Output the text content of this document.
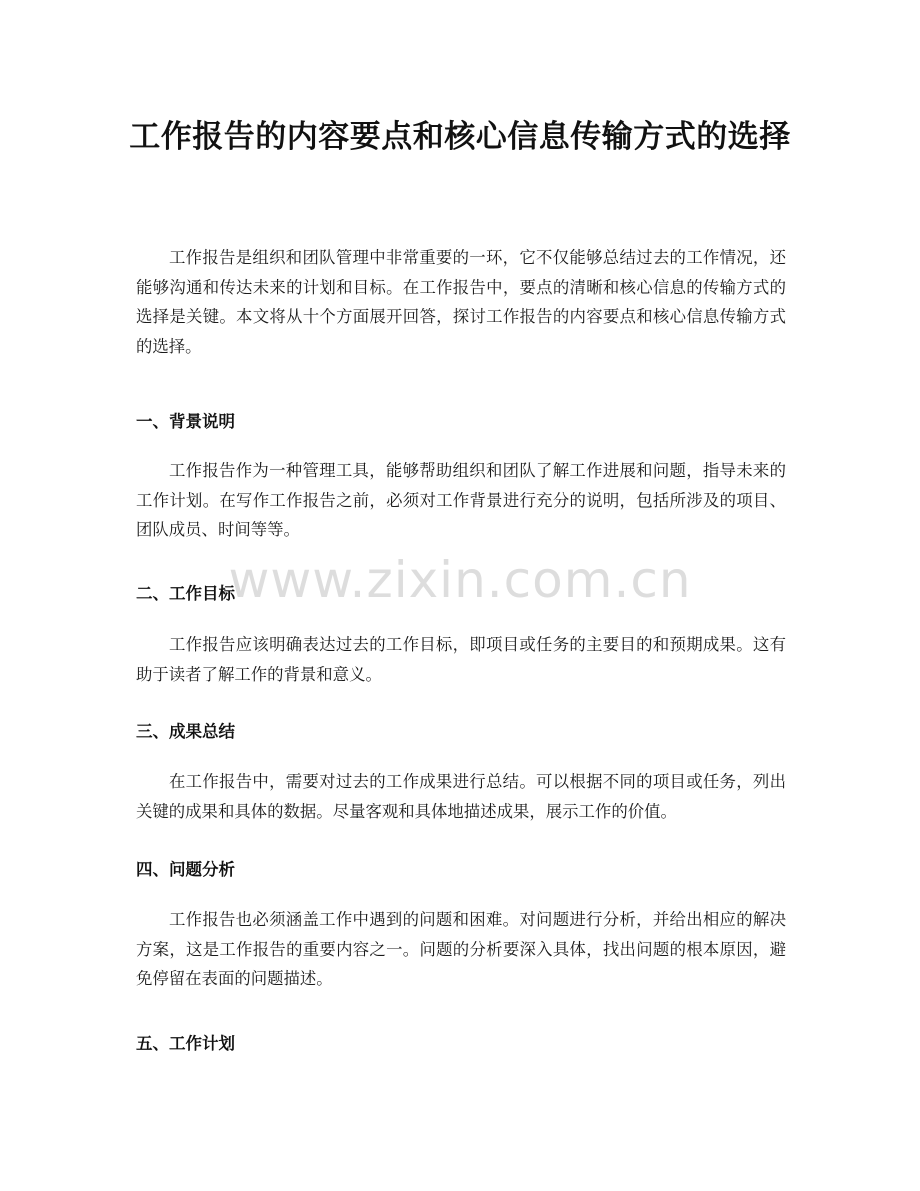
工作报告的内容要点和核心信息传输方式的选择

工作报告是组织和团队管理中非常重要的一环，它不仅能够总结过去的工作情况，还能够沟通和传达未来的计划和目标。在工作报告中，要点的清晰和核心信息的传输方式的选择是关键。本文将从十个方面展开回答，探讨工作报告的内容要点和核心信息传输方式的选择。

一、背景说明

工作报告作为一种管理工具，能够帮助组织和团队了解工作进展和问题，指导未来的工作计划。在写作工作报告之前，必须对工作背景进行充分的说明，包括所涉及的项目、团队成员、时间等等。

二、工作目标

工作报告应该明确表达过去的工作目标，即项目或任务的主要目的和预期成果。这有助于读者了解工作的背景和意义。

三、成果总结

在工作报告中，需要对过去的工作成果进行总结。可以根据不同的项目或任务，列出关键的成果和具体的数据。尽量客观和具体地描述成果，展示工作的价值。

四、问题分析

工作报告也必须涵盖工作中遇到的问题和困难。对问题进行分析，并给出相应的解决方案，这是工作报告的重要内容之一。问题的分析要深入具体，找出问题的根本原因，避免停留在表面的问题描述。

五、工作计划
www.zixin.com.cn
